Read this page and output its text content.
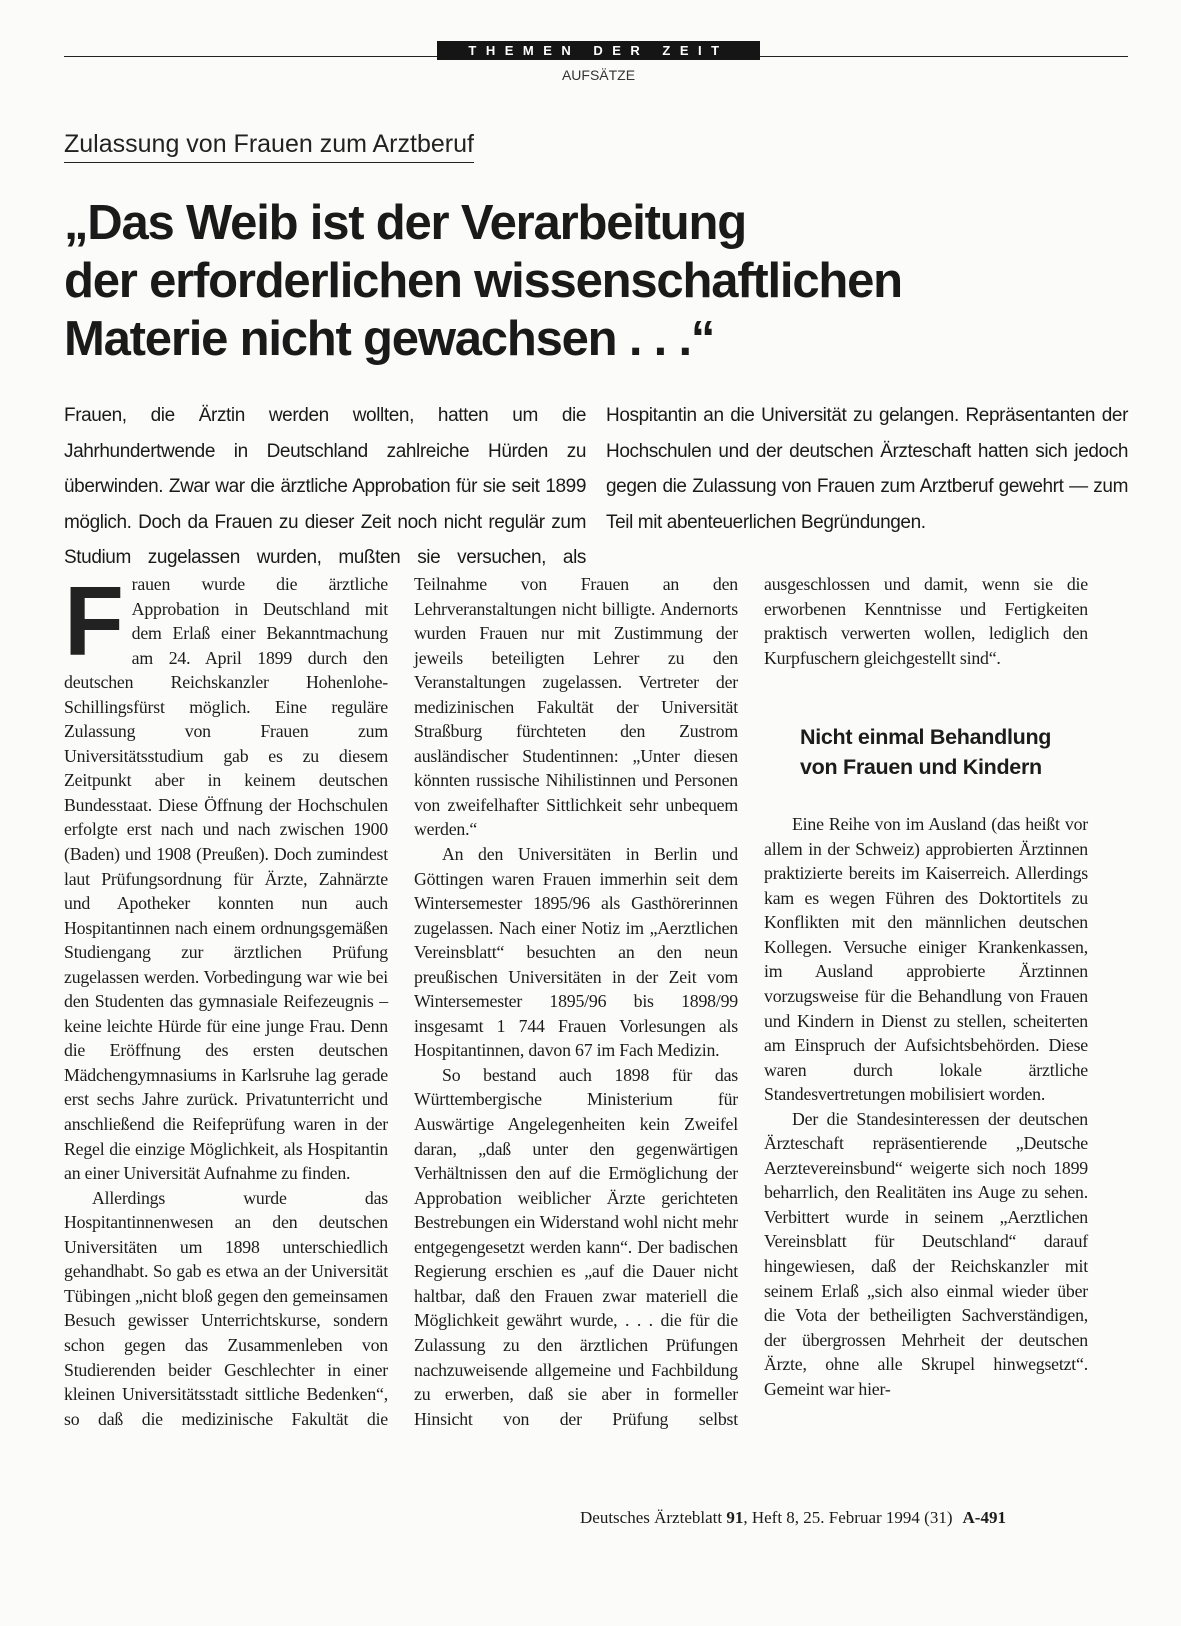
THEMEN DER ZEIT
AUFSÄTZE
Zulassung von Frauen zum Arztberuf
„Das Weib ist der Verarbeitung
der erforderlichen wissenschaftlichen
Materie nicht gewachsen . . .“

Frauen, die Ärztin werden wollten, hatten um die Jahrhundertwende in Deutschland zahlreiche Hürden zu überwinden. Zwar war die ärztliche Approbation für sie seit 1899 möglich. Doch da Frauen zu dieser Zeit noch nicht regulär zum Studium zugelassen wurden, mußten sie versuchen, als Hospitantin an die Universität zu gelangen. Repräsentanten der Hochschulen und der deutschen Ärzteschaft hatten sich jedoch gegen die Zulassung von Frauen zum Arztberuf gewehrt — zum Teil mit abenteuerlichen Begründungen.

Frauen wurde die ärztliche Approbation in Deutschland mit dem Erlaß einer Bekanntmachung am 24. April 1899 durch den deutschen Reichskanzler Hohenlohe-Schillingsfürst möglich. Eine reguläre Zulassung von Frauen zum Universitätsstudium gab es zu diesem Zeitpunkt aber in keinem deutschen Bundesstaat. Diese Öffnung der Hochschulen erfolgte erst nach und nach zwischen 1900 (Baden) und 1908 (Preußen). Doch zumindest laut Prüfungsordnung für Ärzte, Zahnärzte und Apotheker konnten nun auch Hospitantinnen nach einem ordnungsgemäßen Studiengang zur ärztlichen Prüfung zugelassen werden. Vorbedingung war wie bei den Studenten das gymnasiale Reifezeugnis – keine leichte Hürde für eine junge Frau. Denn die Eröffnung des ersten deutschen Mädchengymnasiums in Karlsruhe lag gerade erst sechs Jahre zurück. Privatunterricht und anschließend die Reifeprüfung waren in der Regel die einzige Möglichkeit, als Hospitantin an einer Universität Aufnahme zu finden.

Allerdings wurde das Hospitantinnenwesen an den deutschen Universitäten um 1898 unterschiedlich gehandhabt. So gab es etwa an der Universität Tübingen „nicht bloß gegen den gemeinsamen Besuch gewisser Unterrichtskurse, sondern schon gegen das Zusammenleben von Studierenden beider Geschlechter in einer kleinen Universitätsstadt sittliche Bedenken“, so daß die medizinische Fakultät die Teilnahme von Frauen an den Lehrveranstaltungen nicht billigte. Andernorts wurden Frauen nur mit Zustimmung der jeweils beteiligten Lehrer zu den Veranstaltungen zugelassen. Vertreter der medizinischen Fakultät der Universität Straßburg fürchteten den Zustrom ausländischer Studentinnen: „Unter diesen könnten russische Nihilistinnen und Personen von zweifelhafter Sittlichkeit sehr unbequem werden.“

An den Universitäten in Berlin und Göttingen waren Frauen immerhin seit dem Wintersemester 1895/96 als Gasthörerinnen zugelassen. Nach einer Notiz im „Aerztlichen Vereinsblatt“ besuchten an den neun preußischen Universitäten in der Zeit vom Wintersemester 1895/96 bis 1898/99 insgesamt 1 744 Frauen Vorlesungen als Hospitantinnen, davon 67 im Fach Medizin.

So bestand auch 1898 für das Württembergische Ministerium für Auswärtige Angelegenheiten kein Zweifel daran, „daß unter den gegenwärtigen Verhältnissen den auf die Ermöglichung der Approbation weiblicher Ärzte gerichteten Bestrebungen ein Widerstand wohl nicht mehr entgegengesetzt werden kann“. Der badischen Regierung erschien es „auf die Dauer nicht haltbar, daß den Frauen zwar materiell die Möglichkeit gewährt wurde, . . . die für die Zulassung zu den ärztlichen Prüfungen nachzuweisende allgemeine und Fachbildung zu erwerben, daß sie aber in formeller Hinsicht von der Prüfung selbst ausgeschlossen und damit, wenn sie die erworbenen Kenntnisse und Fertigkeiten praktisch verwerten wollen, lediglich den Kurpfuschern gleichgestellt sind“.

Nicht einmal Behandlung von Frauen und Kindern

Eine Reihe von im Ausland (das heißt vor allem in der Schweiz) approbierten Ärztinnen praktizierte bereits im Kaiserreich. Allerdings kam es wegen Führen des Doktortitels zu Konflikten mit den männlichen deutschen Kollegen. Versuche einiger Krankenkassen, im Ausland approbierte Ärztinnen vorzugsweise für die Behandlung von Frauen und Kindern in Dienst zu stellen, scheiterten am Einspruch der Aufsichtsbehörden. Diese waren durch lokale ärztliche Standesvertretungen mobilisiert worden.

Der die Standesinteressen der deutschen Ärzteschaft repräsentierende „Deutsche Aerztevereinsbund“ weigerte sich noch 1899 beharrlich, den Realitäten ins Auge zu sehen. Verbittert wurde in seinem „Aerztlichen Vereinsblatt für Deutschland“ darauf hingewiesen, daß der Reichskanzler mit seinem Erlaß „sich also einmal wieder über die Vota der betheiligten Sachverständigen, der übergrossen Mehrheit der deutschen Ärzte, ohne alle Skrupel hinwegsetzt“. Gemeint war hier-

Deutsches Ärzteblatt 91, Heft 8, 25. Februar 1994 (31) A-491
